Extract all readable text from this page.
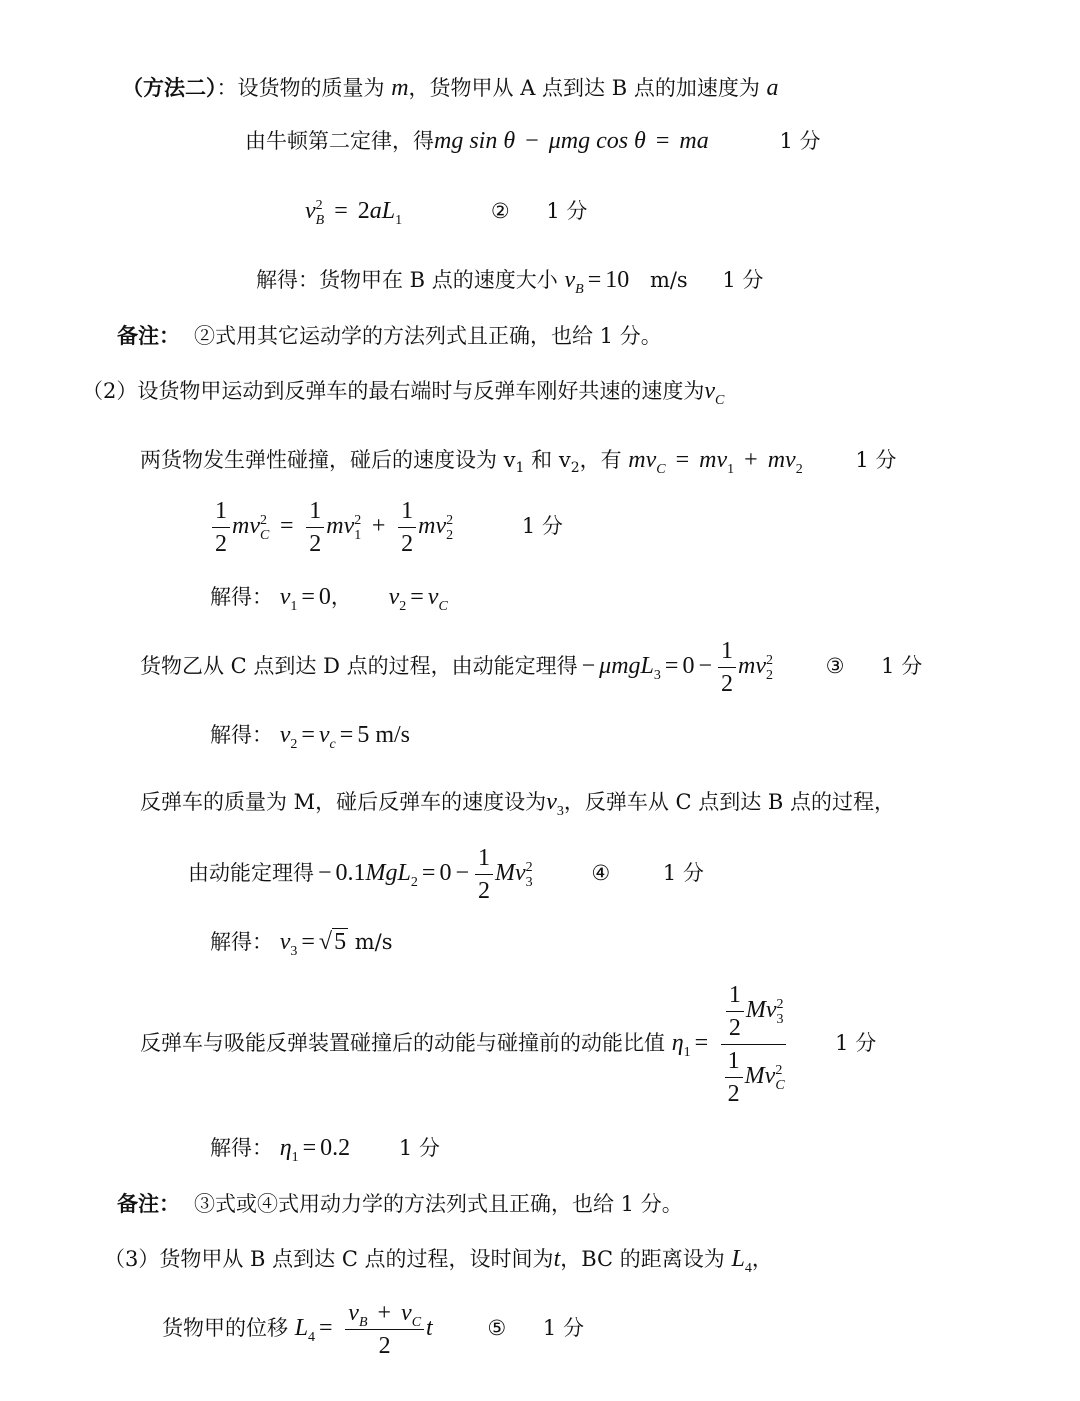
（方法二）：设货物的质量为 m，货物甲从 A 点到达 B 点的加速度为 a
由牛顿第二定律，得mg sin θ − μmg cos θ = ma	1 分
$v^2_B = 2aL_1$	② 1 分
解得：货物甲在 B 点的速度大小 $v_B = 10$ m/s 1 分
备注： ②式用其它运动学的方法列式且正确，也给 1 分。
（2）设货物甲运动到反弹车的最右端时与反弹车刚好共速的速度为$v_C$
两货物发生弹性碰撞，碰后的速度设为 $v_1$ 和 $v_2$，有 $mv_C = mv_1 + mv_2$	1 分
$\frac{1}{2} mv^2_C = \frac{1}{2} mv^2_1 + \frac{1}{2} mv^2_2$	1 分
解得： $v_1 = 0$， $v_2 = v_C$
货物乙从 C 点到达 D 点的过程，由动能定理得 − $\mu mgL_3 = 0 - \frac{1}{2} mv^2_2$	③ 1 分
解得： $v_2 = v_c = 5$ m/s
反弹车的质量为 M，碰后反弹车的速度设为$v_3$，反弹车从 C 点到达 B 点的过程，
由动能定理得 − $0.1MgL_2 = 0 - \frac{1}{2} Mv^2_3$	④	1 分
解得： $v_3 = √5$ m/s
反弹车与吸能反弹装置碰撞后的动能与碰撞前的动能比值 $\eta_1 = \frac{\frac{1}{2} Mv^2_3}{\frac{1}{2} Mv^2_C} 1$ 分
解得： $\eta_1 = 0.2$ 1 分
备注： ③式或④式用动力学的方法列式且正确，也给 1 分。
（3）货物甲从 B 点到达 C 点的过程，设时间为t，BC 的距离设为 $L_4$，
货物甲的位移 $L_4 = \frac{v_B + v_C}{2}$ t	⑤ 1 分
